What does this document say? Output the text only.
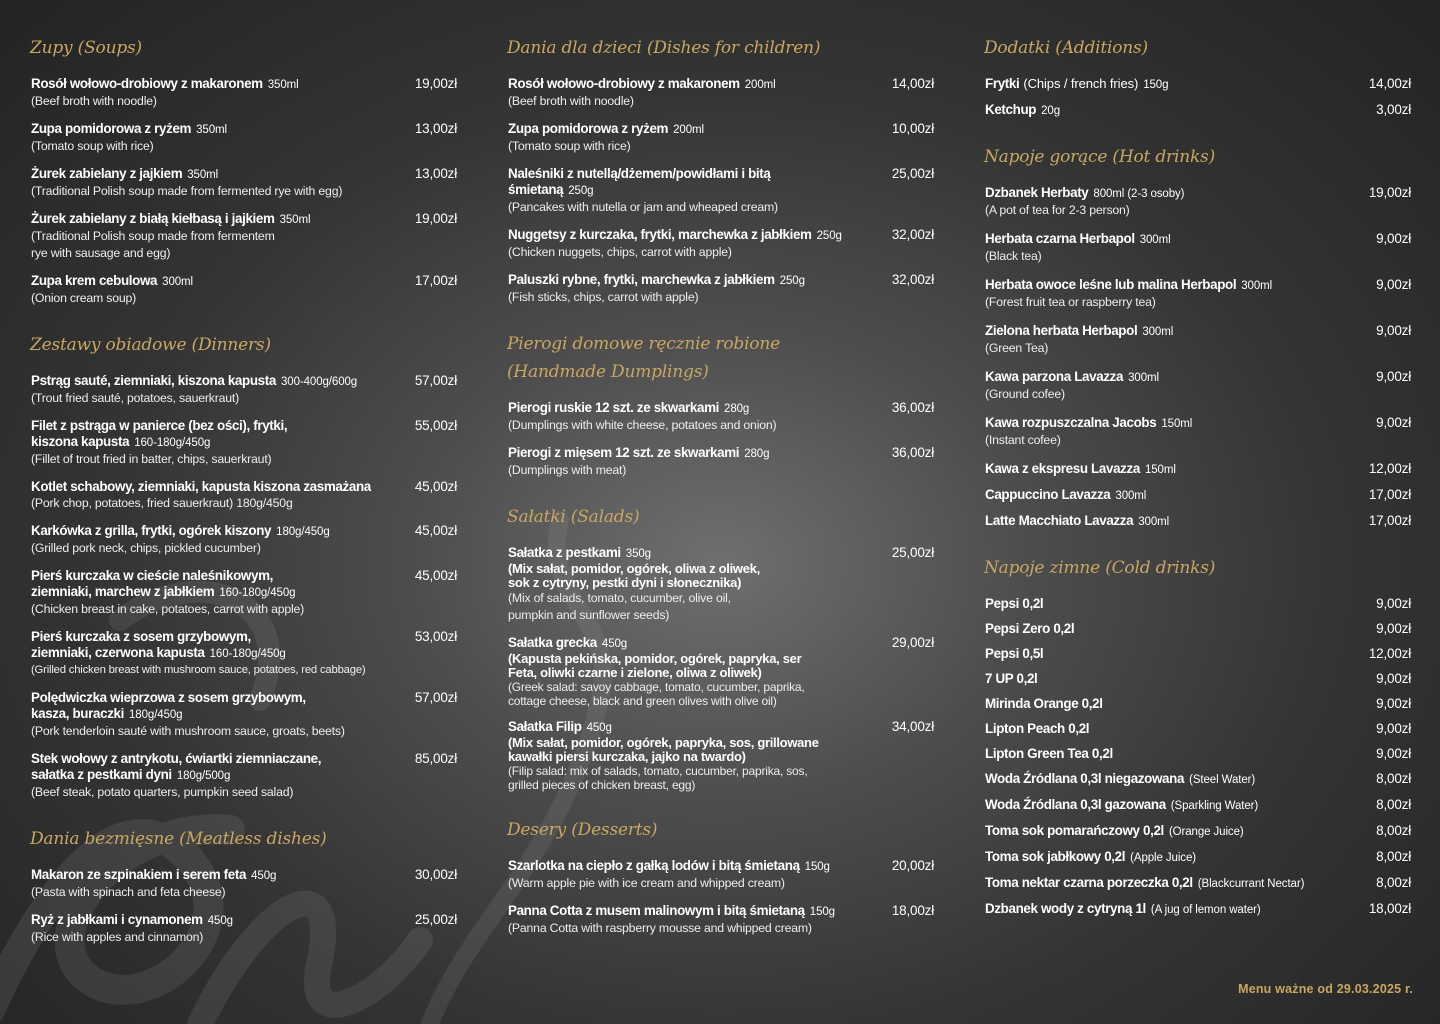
Zupy (Soups)
Rosół wołowo-drobiowy z makaronem 350ml
(Beef broth with noodle)
19,00zł
Zupa pomidorowa z ryżem 350ml
(Tomato soup with rice)
13,00zł
Żurek zabielany z jajkiem 350ml
(Traditional Polish soup made from fermented rye with egg)
13,00zł
Żurek zabielany z białą kiełbasą i jajkiem 350ml
(Traditional Polish soup made from fermentem
rye with sausage and egg)
19,00zł
Zupa krem cebulowa 300ml
(Onion cream soup)
17,00zł
Zestawy obiadowe (Dinners)
Pstrąg sauté, ziemniaki, kiszona kapusta 300-400g/600g
(Trout fried sauté, potatoes, sauerkraut)
57,00zł
Filet z pstrąga w panierce (bez ości), frytki,
kiszona kapusta 160-180g/450g
(Fillet of trout fried in batter, chips, sauerkraut)
55,00zł
Kotlet schabowy, ziemniaki, kapusta kiszona zasmażana
(Pork chop, potatoes, fried sauerkraut) 180g/450g
45,00zł
Karkówka z grilla, frytki, ogórek kiszony 180g/450g
(Grilled pork neck, chips, pickled cucumber)
45,00zł
Pierś kurczaka w cieście naleśnikowym,
ziemniaki, marchew z jabłkiem 160-180g/450g
(Chicken breast in cake, potatoes, carrot with apple)
45,00zł
Pierś kurczaka z sosem grzybowym,
ziemniaki, czerwona kapusta 160-180g/450g
(Grilled chicken breast with mushroom sauce, potatoes, red cabbage)
53,00zł
Polędwiczka wieprzowa z sosem grzybowym,
kasza, buraczki 180g/450g
(Pork tenderloin sauté with mushroom sauce, groats, beets)
57,00zł
Stek wołowy z antrykotu, ćwiartki ziemniaczane,
sałatka z pestkami dyni 180g/500g
(Beef steak, potato quarters, pumpkin seed salad)
85,00zł
Dania bezmięsne (Meatless dishes)
Makaron ze szpinakiem i serem feta 450g
(Pasta with spinach and feta cheese)
30,00zł
Ryż z jabłkami i cynamonem 450g
(Rice with apples and cinnamon)
25,00zł
Dania dla dzieci (Dishes for children)
Rosół wołowo-drobiowy z makaronem 200ml
(Beef broth with noodle)
14,00zł
Zupa pomidorowa z ryżem 200ml
(Tomato soup with rice)
10,00zł
Naleśniki z nutellą/dżemem/powidłami i bitą śmietaną 250g
(Pancakes with nutella or jam and wheaped cream)
25,00zł
Nuggetsy z kurczaka, frytki, marchewka z jabłkiem 250g
(Chicken nuggets, chips, carrot with apple)
32,00zł
Paluszki rybne, frytki, marchewka z jabłkiem 250g
(Fish sticks, chips, carrot with apple)
32,00zł
Pierogi domowe ręcznie robione
(Handmade Dumplings)
Pierogi ruskie 12 szt. ze skwarkami 280g
(Dumplings with white cheese, potatoes and onion)
36,00zł
Pierogi z mięsem 12 szt. ze skwarkami 280g
(Dumplings with meat)
36,00zł
Sałatki (Salads)
Sałatka z pestkami 350g
(Mix sałat, pomidor, ogórek, oliwa z oliwek,
sok z cytryny, pestki dyni i słonecznika)
(Mix of salads, tomato, cucumber, olive oil,
pumpkin and sunflower seeds)
25,00zł
Sałatka grecka 450g
(Kapusta pekińska, pomidor, ogórek, papryka, ser
Feta, oliwki czarne i zielone, oliwa z oliwek)
(Greek salad: savoy cabbage, tomato, cucumber, paprika,
cottage cheese, black and green olives with olive oil)
29,00zł
Sałatka Filip 450g
(Mix sałat, pomidor, ogórek, papryka, sos, grillowane
kawałki piersi kurczaka, jajko na twardo)
(Filip salad: mix of salads, tomato, cucumber, paprika, sos,
grilled pieces of chicken breast, egg)
34,00zł
Desery (Desserts)
Szarlotka na ciepło z gałką lodów i bitą śmietaną 150g
(Warm apple pie with ice cream and whipped cream)
20,00zł
Panna Cotta z musem malinowym i bitą śmietaną 150g
(Panna Cotta with raspberry mousse and whipped cream)
18,00zł
Dodatki (Additions)
Frytki (Chips / french fries) 150g	14,00zł
Ketchup 20g	3,00zł
Napoje gorące (Hot drinks)
Dzbanek Herbaty 800ml (2-3 osoby)
(A pot of tea for 2-3 person)
19,00zł
Herbata czarna Herbapol 300ml
(Black tea)
9,00zł
Herbata owoce leśne lub malina Herbapol 300ml
(Forest fruit tea or raspberry tea)
9,00zł
Zielona herbata Herbapol 300ml
(Green Tea)
9,00zł
Kawa parzona Lavazza 300ml
(Ground cofee)
9,00zł
Kawa rozpuszczalna Jacobs 150ml
(Instant cofee)
9,00zł
Kawa z ekspresu Lavazza 150ml	12,00zł
Cappuccino Lavazza 300ml	17,00zł
Latte Macchiato Lavazza 300ml	17,00zł
Napoje zimne (Cold drinks)
Pepsi 0,2l	9,00zł
Pepsi Zero 0,2l	9,00zł
Pepsi 0,5l	12,00zł
7 UP 0,2l	9,00zł
Mirinda Orange 0,2l	9,00zł
Lipton Peach 0,2l	9,00zł
Lipton Green Tea 0,2l	9,00zł
Woda Źródlana 0,3l niegazowana (Steel Water)	8,00zł
Woda Źródlana 0,3l gazowana (Sparkling Water)	8,00zł
Toma sok pomarańczowy 0,2l (Orange Juice)	8,00zł
Toma sok jabłkowy 0,2l (Apple Juice)	8,00zł
Toma nektar czarna porzeczka 0,2l (Blackcurrant Nectar)	8,00zł
Dzbanek wody z cytryną 1l (A jug of lemon water)	18,00zł
Menu ważne od 29.03.2025 r.
